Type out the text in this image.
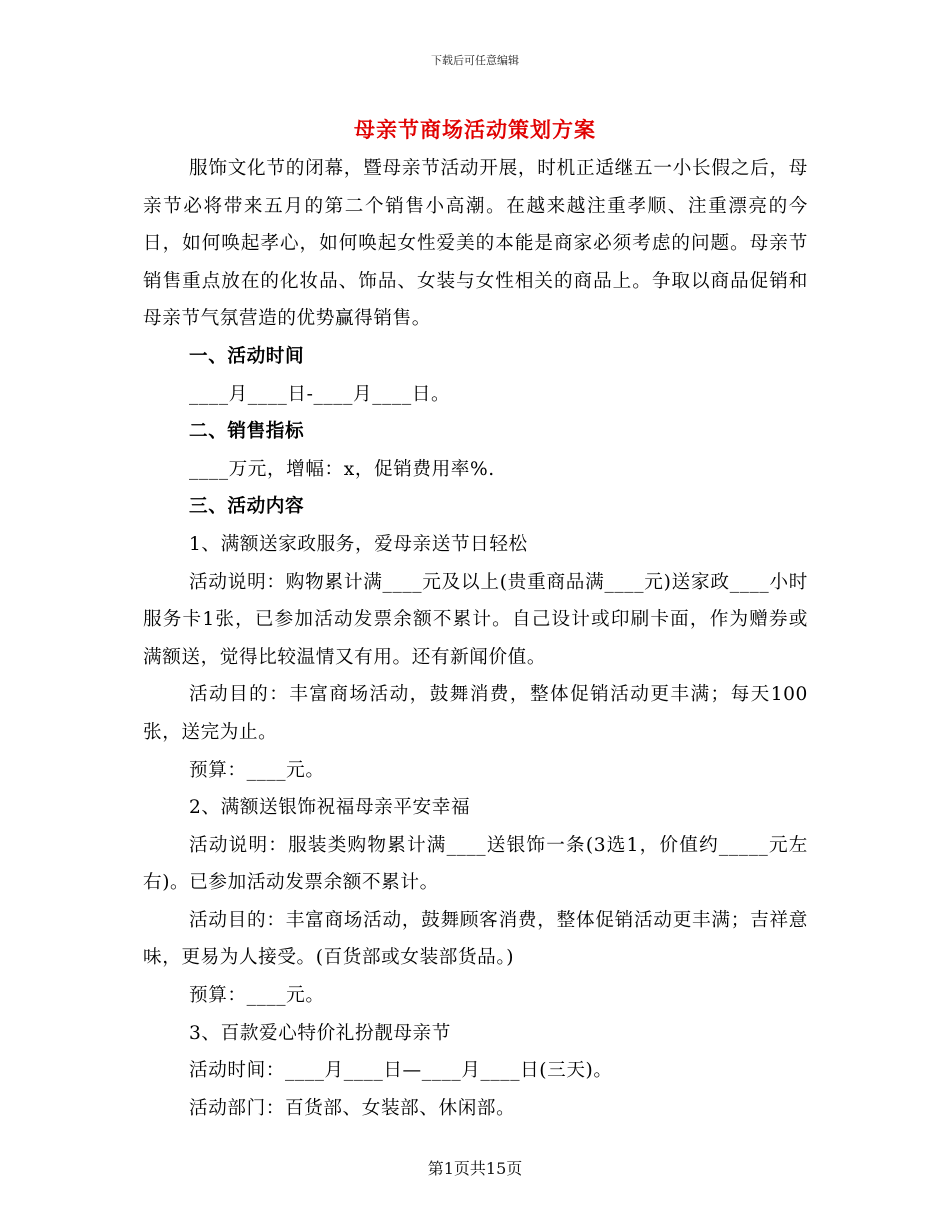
下载后可任意编辑
母亲节商场活动策划方案

服饰文化节的闭幕，暨母亲节活动开展，时机正适继五一小长假之后，母亲节必将带来五月的第二个销售小高潮。在越来越注重孝顺、注重漂亮的今日，如何唤起孝心，如何唤起女性爱美的本能是商家必须考虑的问题。母亲节销售重点放在的化妆品、饰品、女装与女性相关的商品上。争取以商品促销和母亲节气氛营造的优势赢得销售。

一、活动时间

____月____日-____月____日。

二、销售指标

____万元，增幅：x，促销费用率%.

三、活动内容

1、满额送家政服务，爱母亲送节日轻松

活动说明：购物累计满____元及以上(贵重商品满____元)送家政____小时服务卡1张，已参加活动发票余额不累计。自己设计或印刷卡面，作为赠券或满额送，觉得比较温情又有用。还有新闻价值。

活动目的：丰富商场活动，鼓舞消费，整体促销活动更丰满；每天100张，送完为止。

预算：____元。

2、满额送银饰祝福母亲平安幸福

活动说明：服装类购物累计满____送银饰一条(3选1，价值约_____元左右)。已参加活动发票余额不累计。

活动目的：丰富商场活动，鼓舞顾客消费，整体促销活动更丰满；吉祥意味，更易为人接受。(百货部或女装部货品。)

预算：____元。

3、百款爱心特价礼扮靓母亲节

活动时间：____月____日—____月____日(三天)。

活动部门：百货部、女装部、休闲部。

第1页共15页
